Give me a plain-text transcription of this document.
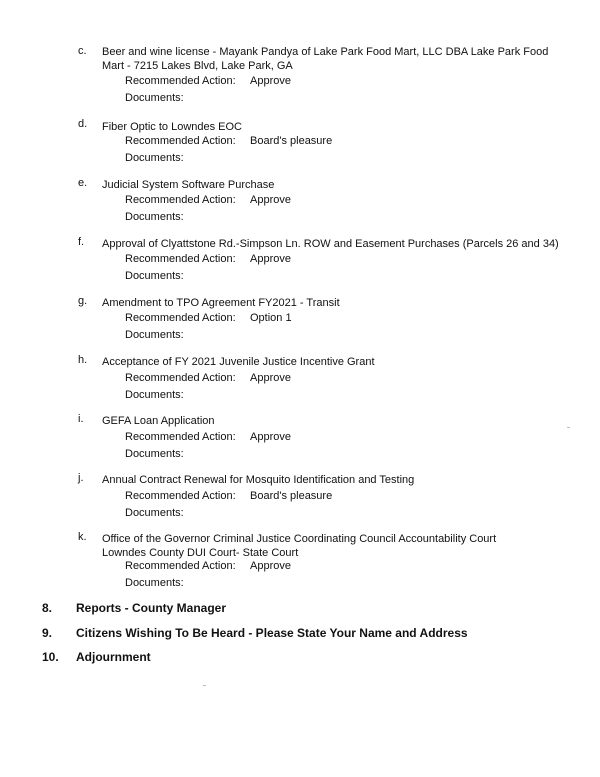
c. Beer and wine license - Mayank Pandya of Lake Park Food Mart, LLC DBA Lake Park Food Mart - 7215 Lakes Blvd, Lake Park, GA
Recommended Action: Approve
Documents:
d. Fiber Optic to Lowndes EOC
Recommended Action: Board's pleasure
Documents:
e. Judicial System Software Purchase
Recommended Action: Approve
Documents:
f. Approval of Clyattstone Rd.-Simpson Ln. ROW and Easement Purchases (Parcels 26 and 34)
Recommended Action: Approve
Documents:
g. Amendment to TPO Agreement FY2021 - Transit
Recommended Action: Option 1
Documents:
h. Acceptance of FY 2021 Juvenile Justice Incentive Grant
Recommended Action: Approve
Documents:
i. GEFA Loan Application
Recommended Action: Approve
Documents:
j. Annual Contract Renewal for Mosquito Identification and Testing
Recommended Action: Board's pleasure
Documents:
k. Office of the Governor Criminal Justice Coordinating Council Accountability Court Lowndes County DUI Court- State Court
Recommended Action: Approve
Documents:
8. Reports - County Manager
9. Citizens Wishing To Be Heard - Please State Your Name and Address
10. Adjournment
